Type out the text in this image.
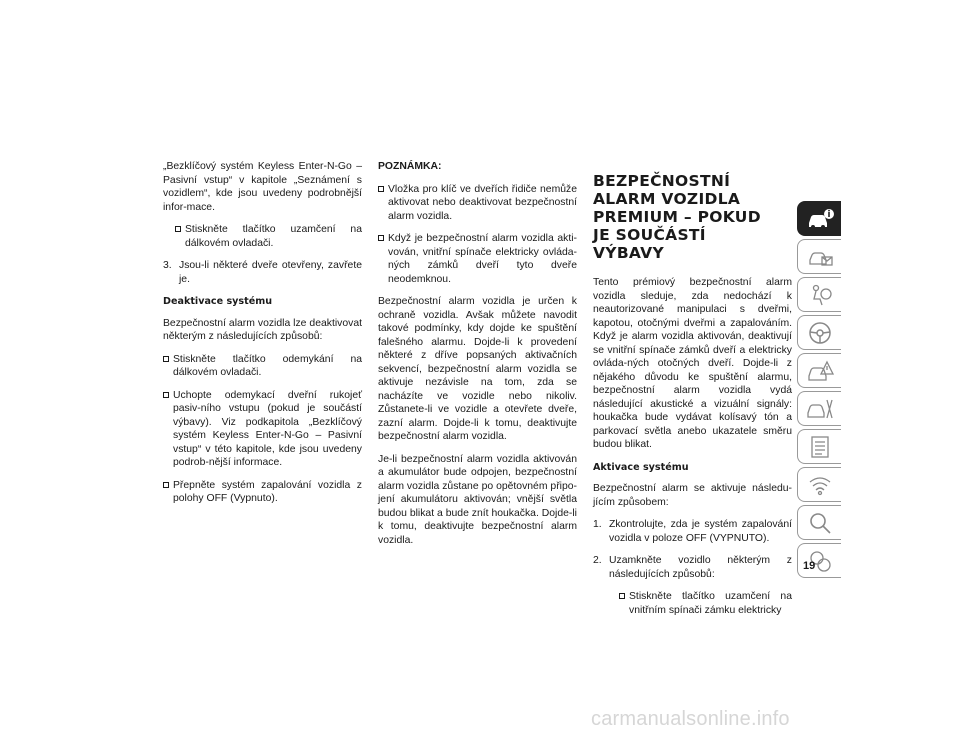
„Bezklíčový systém Keyless Enter-N-Go – Pasivní vstup“ v kapitole „Seznámení s vozidlem“, kde jsou uvedeny podrobnější infor-mace.

Stiskněte tlačítko uzamčení na dálkovém ovladači.
3. Jsou-li některé dveře otevřeny, zavřete je.
Deaktivace systému

Bezpečnostní alarm vozidla lze deaktivovat některým z následujících způsobů:

Stiskněte tlačítko odemykání na dálkovém ovladači.
Uchopte odemykací dveřní rukojeť pasiv-ního vstupu (pokud je součástí výbavy). Viz podkapitola „Bezklíčový systém Keyless Enter-N-Go – Pasivní vstup“ v této kapitole, kde jsou uvedeny podrob-nější informace.
Přepněte systém zapalování vozidla z polohy OFF (Vypnuto).
POZNÁMKA:
Vložka pro klíč ve dveřích řidiče nemůže aktivovat nebo deaktivovat bezpečnostní alarm vozidla.
Když je bezpečnostní alarm vozidla akti-vován, vnitřní spínače elektricky ovláda-ných zámků dveří tyto dveře neodemknou.

Bezpečnostní alarm vozidla je určen k ochraně vozidla. Avšak můžete navodit takové podmínky, kdy dojde ke spuštění falešného alarmu. Dojde-li k provedení některé z dříve popsaných aktivačních sekvencí, bezpečnostní alarm vozidla se aktivuje nezávisle na tom, zda se nacházíte ve vozidle nebo nikoliv. Zůstanete-li ve vozidle a otevřete dveře, zazní alarm. Dojde-li k tomu, deaktivujte bezpečnostní alarm vozidla.

Je-li bezpečnostní alarm vozidla aktivován a akumulátor bude odpojen, bezpečnostní alarm vozidla zůstane po opětovném připo-jení akumulátoru aktivován; vnější světla budou blikat a bude znít houkačka. Dojde-li k tomu, deaktivujte bezpečnostní alarm vozidla.

BEZPEČNOSTNÍ ALARM VOZIDLA PREMIUM – POKUD JE SOUČÁSTÍ VÝBAVY

Tento prémiový bezpečnostní alarm vozidla sleduje, zda nedochází k neautorizované manipulaci s dveřmi, kapotou, otočnými dveřmi a zapalováním. Když je alarm vozidla aktivován, deaktivují se vnitřní spínače zámků dveří a elektricky ovláda-ných otočných dveří. Dojde-li z nějakého důvodu ke spuštění alarmu, bezpečnostní alarm vozidla vydá následující akustické a vizuální signály: houkačka bude vydávat kolísavý tón a parkovací světla anebo ukazatele směru budou blikat.

Aktivace systému

Bezpečnostní alarm se aktivuje následu-jícím způsobem:

1. Zkontrolujte, zda je systém zapalování vozidla v poloze OFF (VYPNUTO).
2. Uzamkněte vozidlo některým z následujících způsobů:
Stiskněte tlačítko uzamčení na vnitřním spínači zámku elektricky
19
carmanualsonline.info
